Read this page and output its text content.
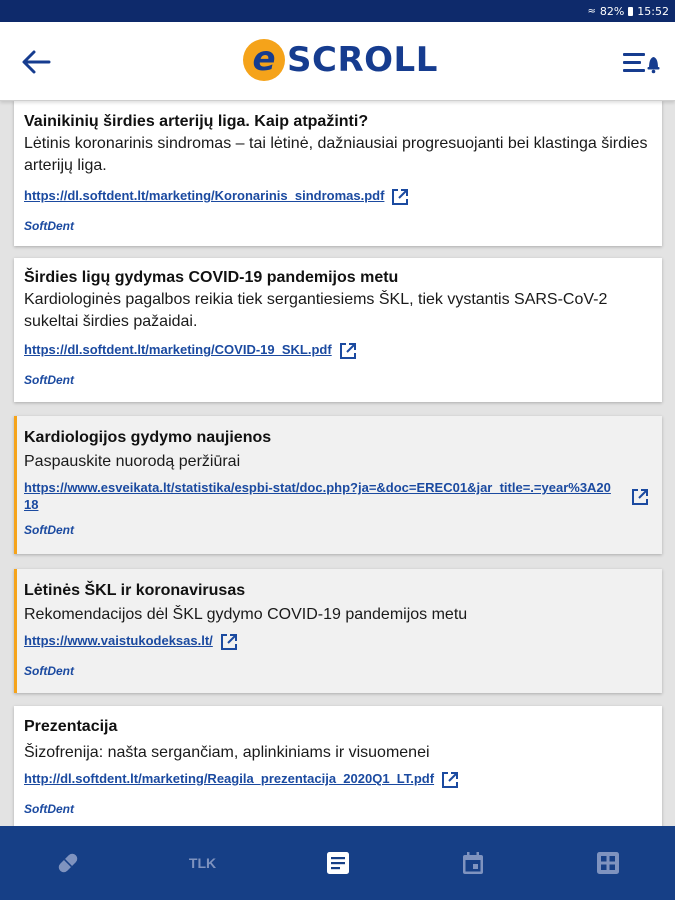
≈ 82% 15:52
e SCROLL
Vainikinių širdies arterijų liga. Kaip atpažinti?
Lėtinis koronarinis sindromas – tai lėtinė, dažniausiai progresuojanti bei klastinga širdies arterijų liga.
https://dl.softdent.lt/marketing/Koronarinis_sindromas.pdf
SoftDent
Širdies ligų gydymas COVID-19 pandemijos metu
Kardiologinės pagalbos reikia tiek sergantiesiems ŠKL, tiek vystantis SARS-CoV-2 sukeltai širdies pažaidai.
https://dl.softdent.lt/marketing/COVID-19_SKL.pdf
SoftDent
Kardiologijos gydymo naujienos
Paspauskite nuorodą peržiūrai
https://www.esveikata.lt/statistika/espbi-stat/doc.php?ja=&doc=EREC01&jar_title=.=year%3A2018
SoftDent
Lėtinės ŠKL ir koronavirusas
Rekomendacijos dėl ŠKL gydymo COVID-19 pandemijos metu
https://www.vaistukodeksas.lt/
SoftDent
Prezentacija
Šizofrenija: našta sergančiam, aplinkiniams ir visuomenei
http://dl.softdent.lt/marketing/Reagila_prezentacija_2020Q1_LT.pdf
SoftDent
TLK
